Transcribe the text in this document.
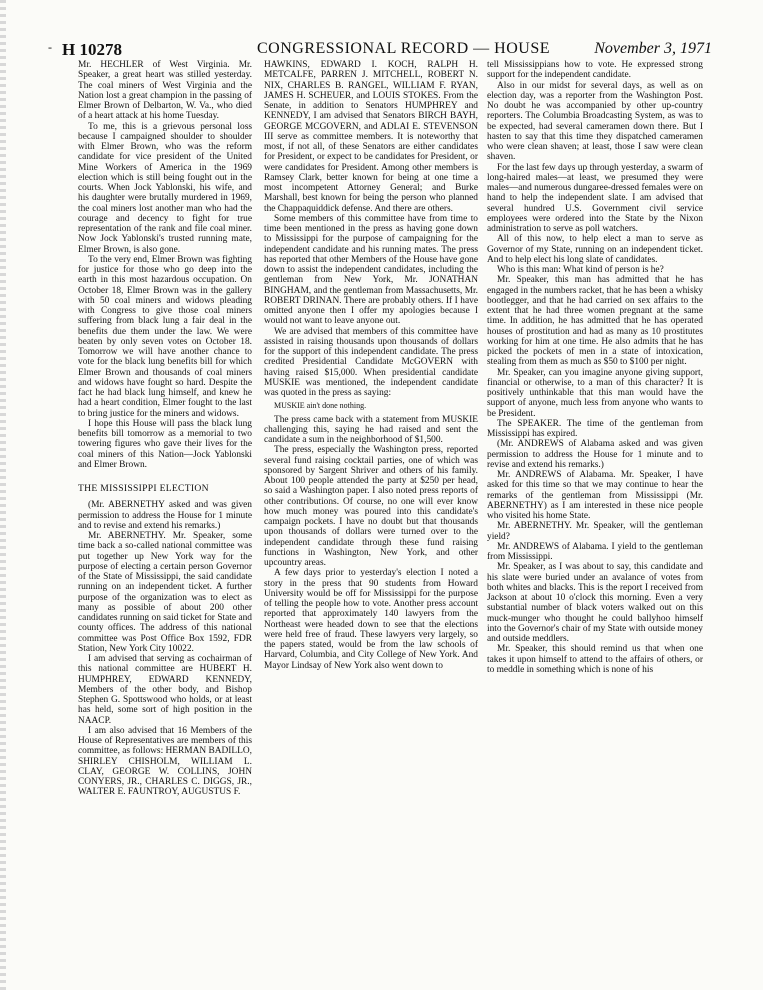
- H 10278	CONGRESSIONAL RECORD — HOUSE	November 3, 1971

Mr. HECHLER of West Virginia. Mr. Speaker, a great heart was stilled yesterday. The coal miners of West Virginia and the Nation lost a great champion in the passing of Elmer Brown of Delbarton, W. Va., who died of a heart attack at his home Tuesday.

To me, this is a grievous personal loss because I campaigned shoulder to shoulder with Elmer Brown, who was the reform candidate for vice president of the United Mine Workers of America in the 1969 election which is still being fought out in the courts. When Jock Yablonski, his wife, and his daughter were brutally murdered in 1969, the coal miners lost another man who had the courage and decency to fight for true representation of the rank and file coal miner. Now Jock Yablonski's trusted running mate, Elmer Brown, is also gone.

To the very end, Elmer Brown was fighting for justice for those who go deep into the earth in this most hazardous occupation. On October 18, Elmer Brown was in the gallery with 50 coal miners and widows pleading with Congress to give those coal miners suffering from black lung a fair deal in the benefits due them under the law. We were beaten by only seven votes on October 18. Tomorrow we will have another chance to vote for the black lung benefits bill for which Elmer Brown and thousands of coal miners and widows have fought so hard. Despite the fact he had black lung himself, and knew he had a heart condition, Elmer fought to the last to bring justice for the miners and widows.

I hope this House will pass the black lung benefits bill tomorrow as a memorial to two towering figures who gave their lives for the coal miners of this Nation—Jock Yablonski and Elmer Brown.

THE MISSISSIPPI ELECTION

(Mr. ABERNETHY asked and was given permission to address the House for 1 minute and to revise and extend his remarks.)

Mr. ABERNETHY. Mr. Speaker, some time back a so-called national committee was put together up New York way for the purpose of electing a certain person Governor of the State of Mississippi, the said candidate running on an independent ticket. A further purpose of the organization was to elect as many as possible of about 200 other candidates running on said ticket for State and county offices. The address of this national committee was Post Office Box 1592, FDR Station, New York City 10022.

I am advised that serving as cochairman of this national committee are HUBERT H. HUMPHREY, EDWARD KENNEDY, Members of the other body, and Bishop Stephen G. Spottswood who holds, or at least has held, some sort of high position in the NAACP.

I am also advised that 16 Members of the House of Representatives are members of this committee, as follows: HERMAN BADILLO, SHIRLEY CHISHOLM, WILLIAM L. CLAY, GEORGE W. COLLINS, JOHN CONYERS, JR., CHARLES C. DIGGS, JR., WALTER E. FAUNTROY, AUGUSTUS F.

HAWKINS, EDWARD I. KOCH, RALPH H. METCALFE, PARREN J. MITCHELL, ROBERT N. NIX, CHARLES B. RANGEL, WILLIAM F. RYAN, JAMES H. SCHEUER, and LOUIS STOKES. From the Senate, in addition to Senators HUMPHREY and KENNEDY, I am advised that Senators BIRCH BAYH, GEORGE MCGOVERN, and ADLAI E. STEVENSON III serve as committee members. It is noteworthy that most, if not all, of these Senators are either candidates for President, or expect to be candidates for President, or were candidates for President. Among other members is Ramsey Clark, better known for being at one time a most incompetent Attorney General; and Burke Marshall, best known for being the person who planned the Chappaquiddick defense. And there are others.

Some members of this committee have from time to time been mentioned in the press as having gone down to Mississippi for the purpose of campaigning for the independent candidate and his running mates. The press has reported that other Members of the House have gone down to assist the independent candidates, including the gentleman from New York, Mr. JONATHAN BINGHAM, and the gentleman from Massachusetts, Mr. ROBERT DRINAN. There are probably others. If I have omitted anyone then I offer my apologies because I would not want to leave anyone out.

We are advised that members of this committee have assisted in raising thousands upon thousands of dollars for the support of this independent candidate. The press credited Presidential Candidate McGOVERN with having raised $15,000. When presidential candidate MUSKIE was mentioned, the independent candidate was quoted in the press as saying:

MUSKIE ain't done nothing.

The press came back with a statement from MUSKIE challenging this, saying he had raised and sent the candidate a sum in the neighborhood of $1,500.

The press, especially the Washington press, reported several fund raising cocktail parties, one of which was sponsored by Sargent Shriver and others of his family. About 100 people attended the party at $250 per head, so said a Washington paper. I also noted press reports of other contributions. Of course, no one will ever know how much money was poured into this candidate's campaign pockets. I have no doubt but that thousands upon thousands of dollars were turned over to the independent candidate through these fund raising functions in Washington, New York, and other upcountry areas.

A few days prior to yesterday's election I noted a story in the press that 90 students from Howard University would be off for Mississippi for the purpose of telling the people how to vote. Another press account reported that approximately 140 lawyers from the Northeast were headed down to see that the elections were held free of fraud. These lawyers very largely, so the papers stated, would be from the law schools of Harvard, Columbia, and City College of New York. And Mayor Lindsay of New York also went down to

tell Mississippians how to vote. He expressed strong support for the independent candidate.

Also in our midst for several days, as well as on election day, was a reporter from the Washington Post. No doubt he was accompanied by other up-country reporters. The Columbia Broadcasting System, as was to be expected, had several cameramen down there. But I hasten to say that this time they dispatched cameramen who were clean shaven; at least, those I saw were clean shaven.

For the last few days up through yesterday, a swarm of long-haired males—at least, we presumed they were males—and numerous dungaree-dressed females were on hand to help the independent slate. I am advised that several hundred U.S. Government civil service employees were ordered into the State by the Nixon administration to serve as poll watchers.

All of this now, to help elect a man to serve as Governor of my State, running on an independent ticket. And to help elect his long slate of candidates.

Who is this man: What kind of person is he?

Mr. Speaker, this man has admitted that he has engaged in the numbers racket, that he has been a whisky bootlegger, and that he had carried on sex affairs to the extent that he had three women pregnant at the same time. In addition, he has admitted that he has operated houses of prostitution and had as many as 10 prostitutes working for him at one time. He also admits that he has picked the pockets of men in a state of intoxication, stealing from them as much as $50 to $100 per night.

Mr. Speaker, can you imagine anyone giving support, financial or otherwise, to a man of this character? It is positively unthinkable that this man would have the support of anyone, much less from anyone who wants to be President.

The SPEAKER. The time of the gentleman from Mississippi has expired.

(Mr. ANDREWS of Alabama asked and was given permission to address the House for 1 minute and to revise and extend his remarks.)

Mr. ANDREWS of Alabama. Mr. Speaker, I have asked for this time so that we may continue to hear the remarks of the gentleman from Mississippi (Mr. ABERNETHY) as I am interested in these nice people who visited his home State.

Mr. ABERNETHY. Mr. Speaker, will the gentleman yield?

Mr. ANDREWS of Alabama. I yield to the gentleman from Mississippi.

Mr. Speaker, as I was about to say, this candidate and his slate were buried under an avalance of votes from both whites and blacks. This is the report I received from Jackson at about 10 o'clock this morning. Even a very substantial number of black voters walked out on this muck-munger who thought he could ballyhoo himself into the Governor's chair of my State with outside money and outside meddlers.

Mr. Speaker, this should remind us that when one takes it upon himself to attend to the affairs of others, or to meddle in something which is none of his
